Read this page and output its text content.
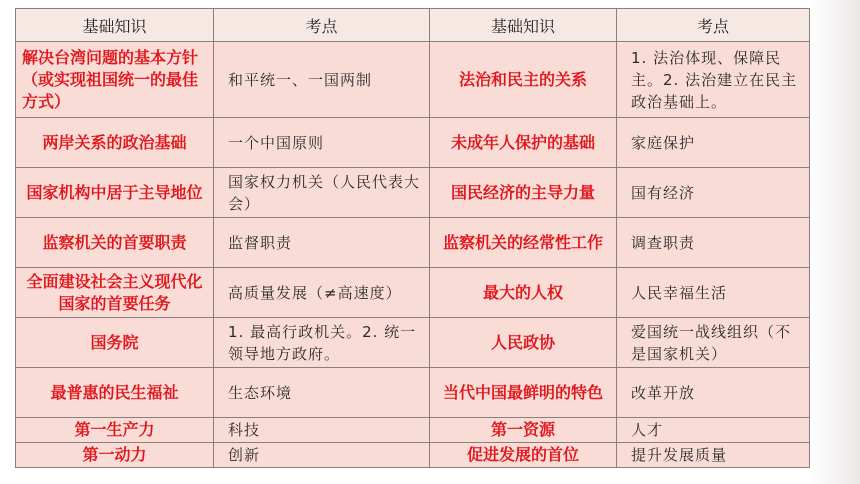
基础知识	考点	基础知识	考点
解决台湾问题的基本方针（或实现祖国统一的最佳方式）	和平统一、一国两制	法治和民主的关系	1. 法治体现、保障民主。2. 法治建立在民主政治基础上。
两岸关系的政治基础	一个中国原则	未成年人保护的基础	家庭保护
国家机构中居于主导地位	国家权力机关（人民代表大会）	国民经济的主导力量	国有经济
监察机关的首要职责	监督职责	监察机关的经常性工作	调查职责
全面建设社会主义现代化国家的首要任务	高质量发展（≠高速度）	最大的人权	人民幸福生活
国务院	1. 最高行政机关。2. 统一领导地方政府。	人民政协	爱国统一战线组织（不是国家机关）
最普惠的民生福祉	生态环境	当代中国最鲜明的特色	改革开放
第一生产力	科技	第一资源	人才
第一动力	创新	促进发展的首位	提升发展质量
